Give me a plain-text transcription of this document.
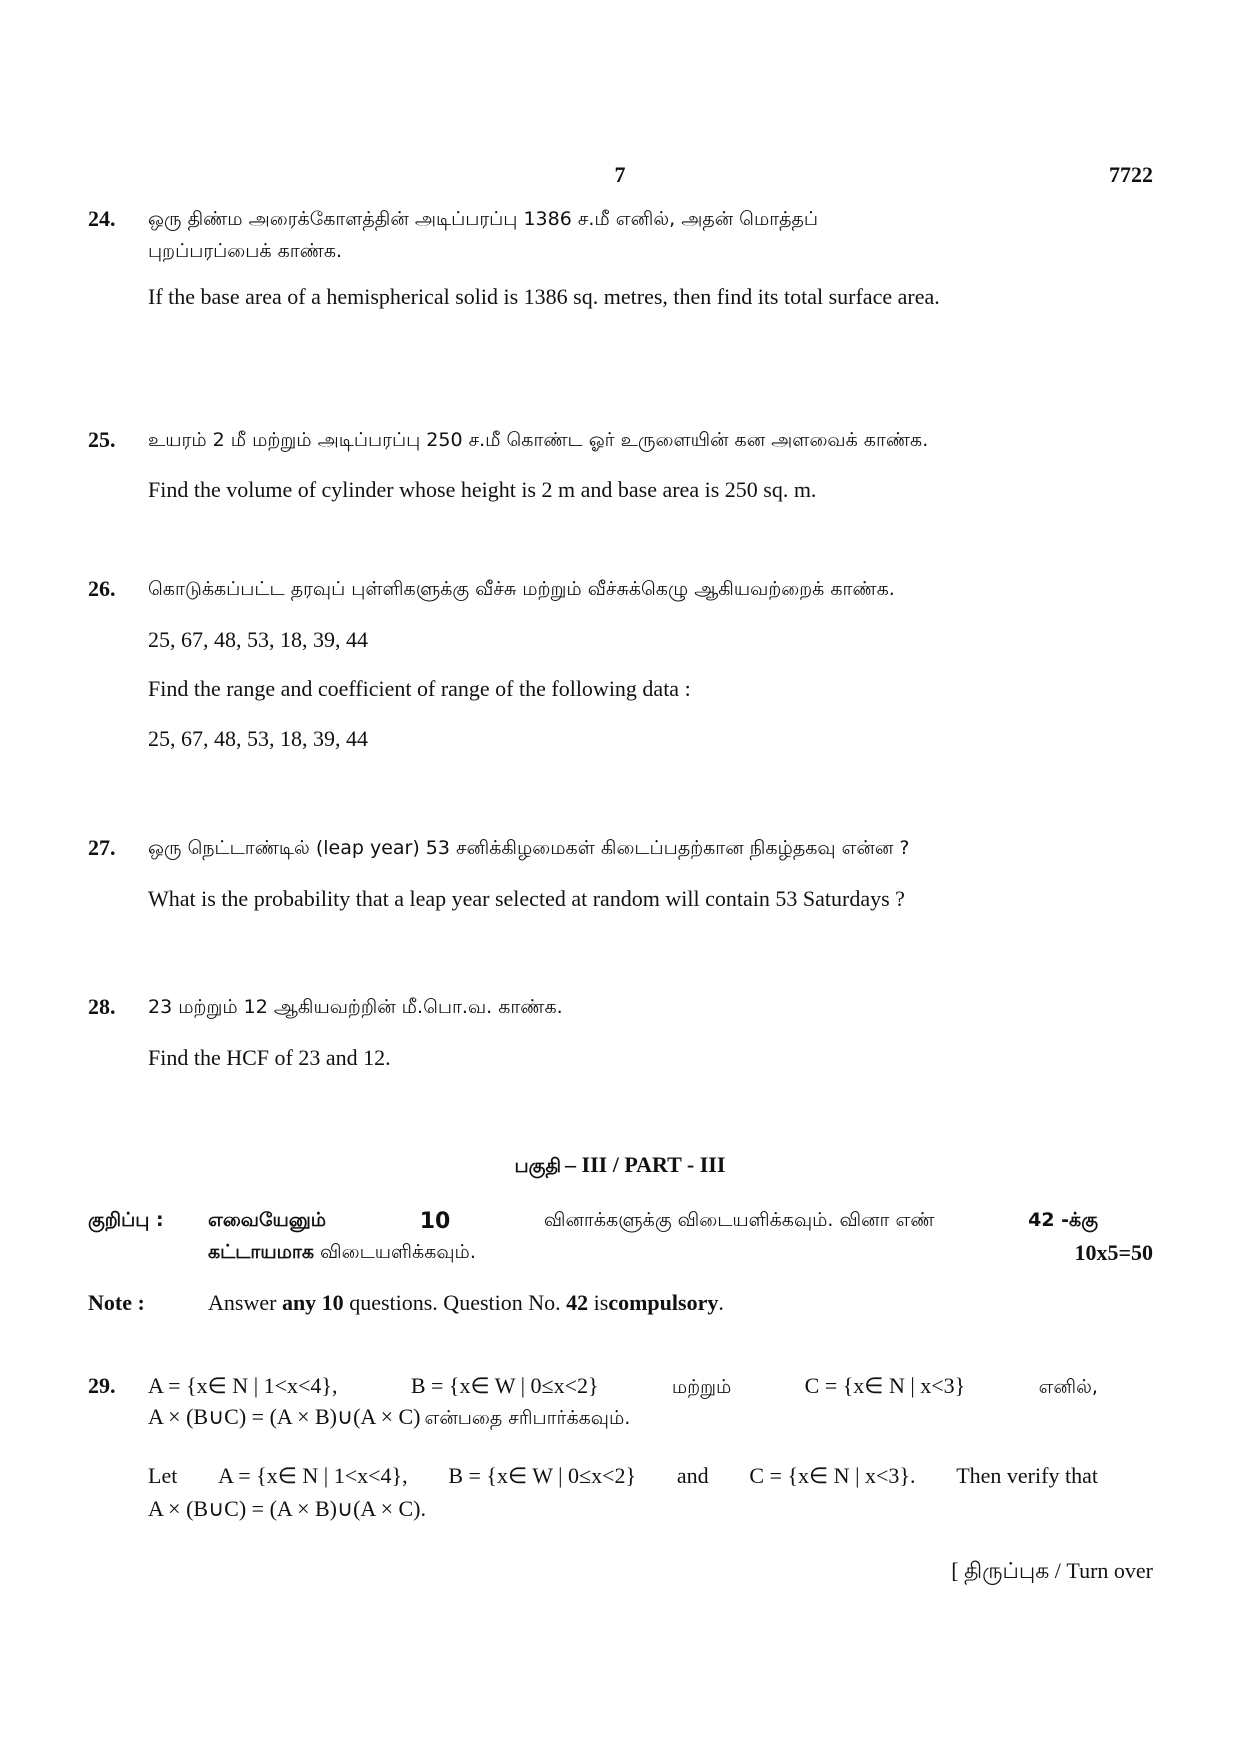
7	7722
24. ஒரு திண்ம அரைக்கோளத்தின் அடிப்பரப்பு 1386 ச.மீ எனில், அதன் மொத்தப்
புறப்பரப்பைக் காண்க.
If the base area of a hemispherical solid is 1386 sq. metres, then find its total surface area.
25. உயரம் 2 மீ மற்றும் அடிப்பரப்பு 250 ச.மீ கொண்ட ஓர் உருளையின் கன அளவைக் காண்க.
Find the volume of cylinder whose height is 2 m and base area is 250 sq. m.
26. கொடுக்கப்பட்ட தரவுப் புள்ளிகளுக்கு வீச்சு மற்றும் வீச்சுக்கெழு ஆகியவற்றைக் காண்க.
25, 67, 48, 53, 18, 39, 44
Find the range and coefficient of range of the following data :
25, 67, 48, 53, 18, 39, 44
27. ஒரு நெட்டாண்டில் (leap year) 53 சனிக்கிழமைகள் கிடைப்பதற்கான நிகழ்தகவு என்ன ?
What is the probability that a leap year selected at random will contain 53 Saturdays ?
28. 23 மற்றும் 12 ஆகியவற்றின் மீ.பொ.வ. காண்க.
Find the HCF of 23 and 12.
பகுதி – III / PART - III
குறிப்பு : எவையேனும்	10	வினாக்களுக்கு விடையளிக்கவும். வினா எண்	42 -க்கு
கட்டாயமாக விடையளிக்கவும்.	10x5=50
Note :	Answer any 10 questions. Question No. 42 iscompulsory.
29. A = {x∈ N | 1<x<4},	B = {x∈ W | 0≤x<2}	மற்றும்	C = {x∈ N | x<3}	எனில்,
A × (B∪C) = (A × B)∪(A × C) என்பதை சரிபார்க்கவும்.
Let A = {x∈ N | 1<x<4}, B = {x∈ W | 0≤x<2} and C = {x∈ N | x<3}. Then verify that
A × (B∪C) = (A × B)∪(A × C).
[ திருப்புக / Turn over
